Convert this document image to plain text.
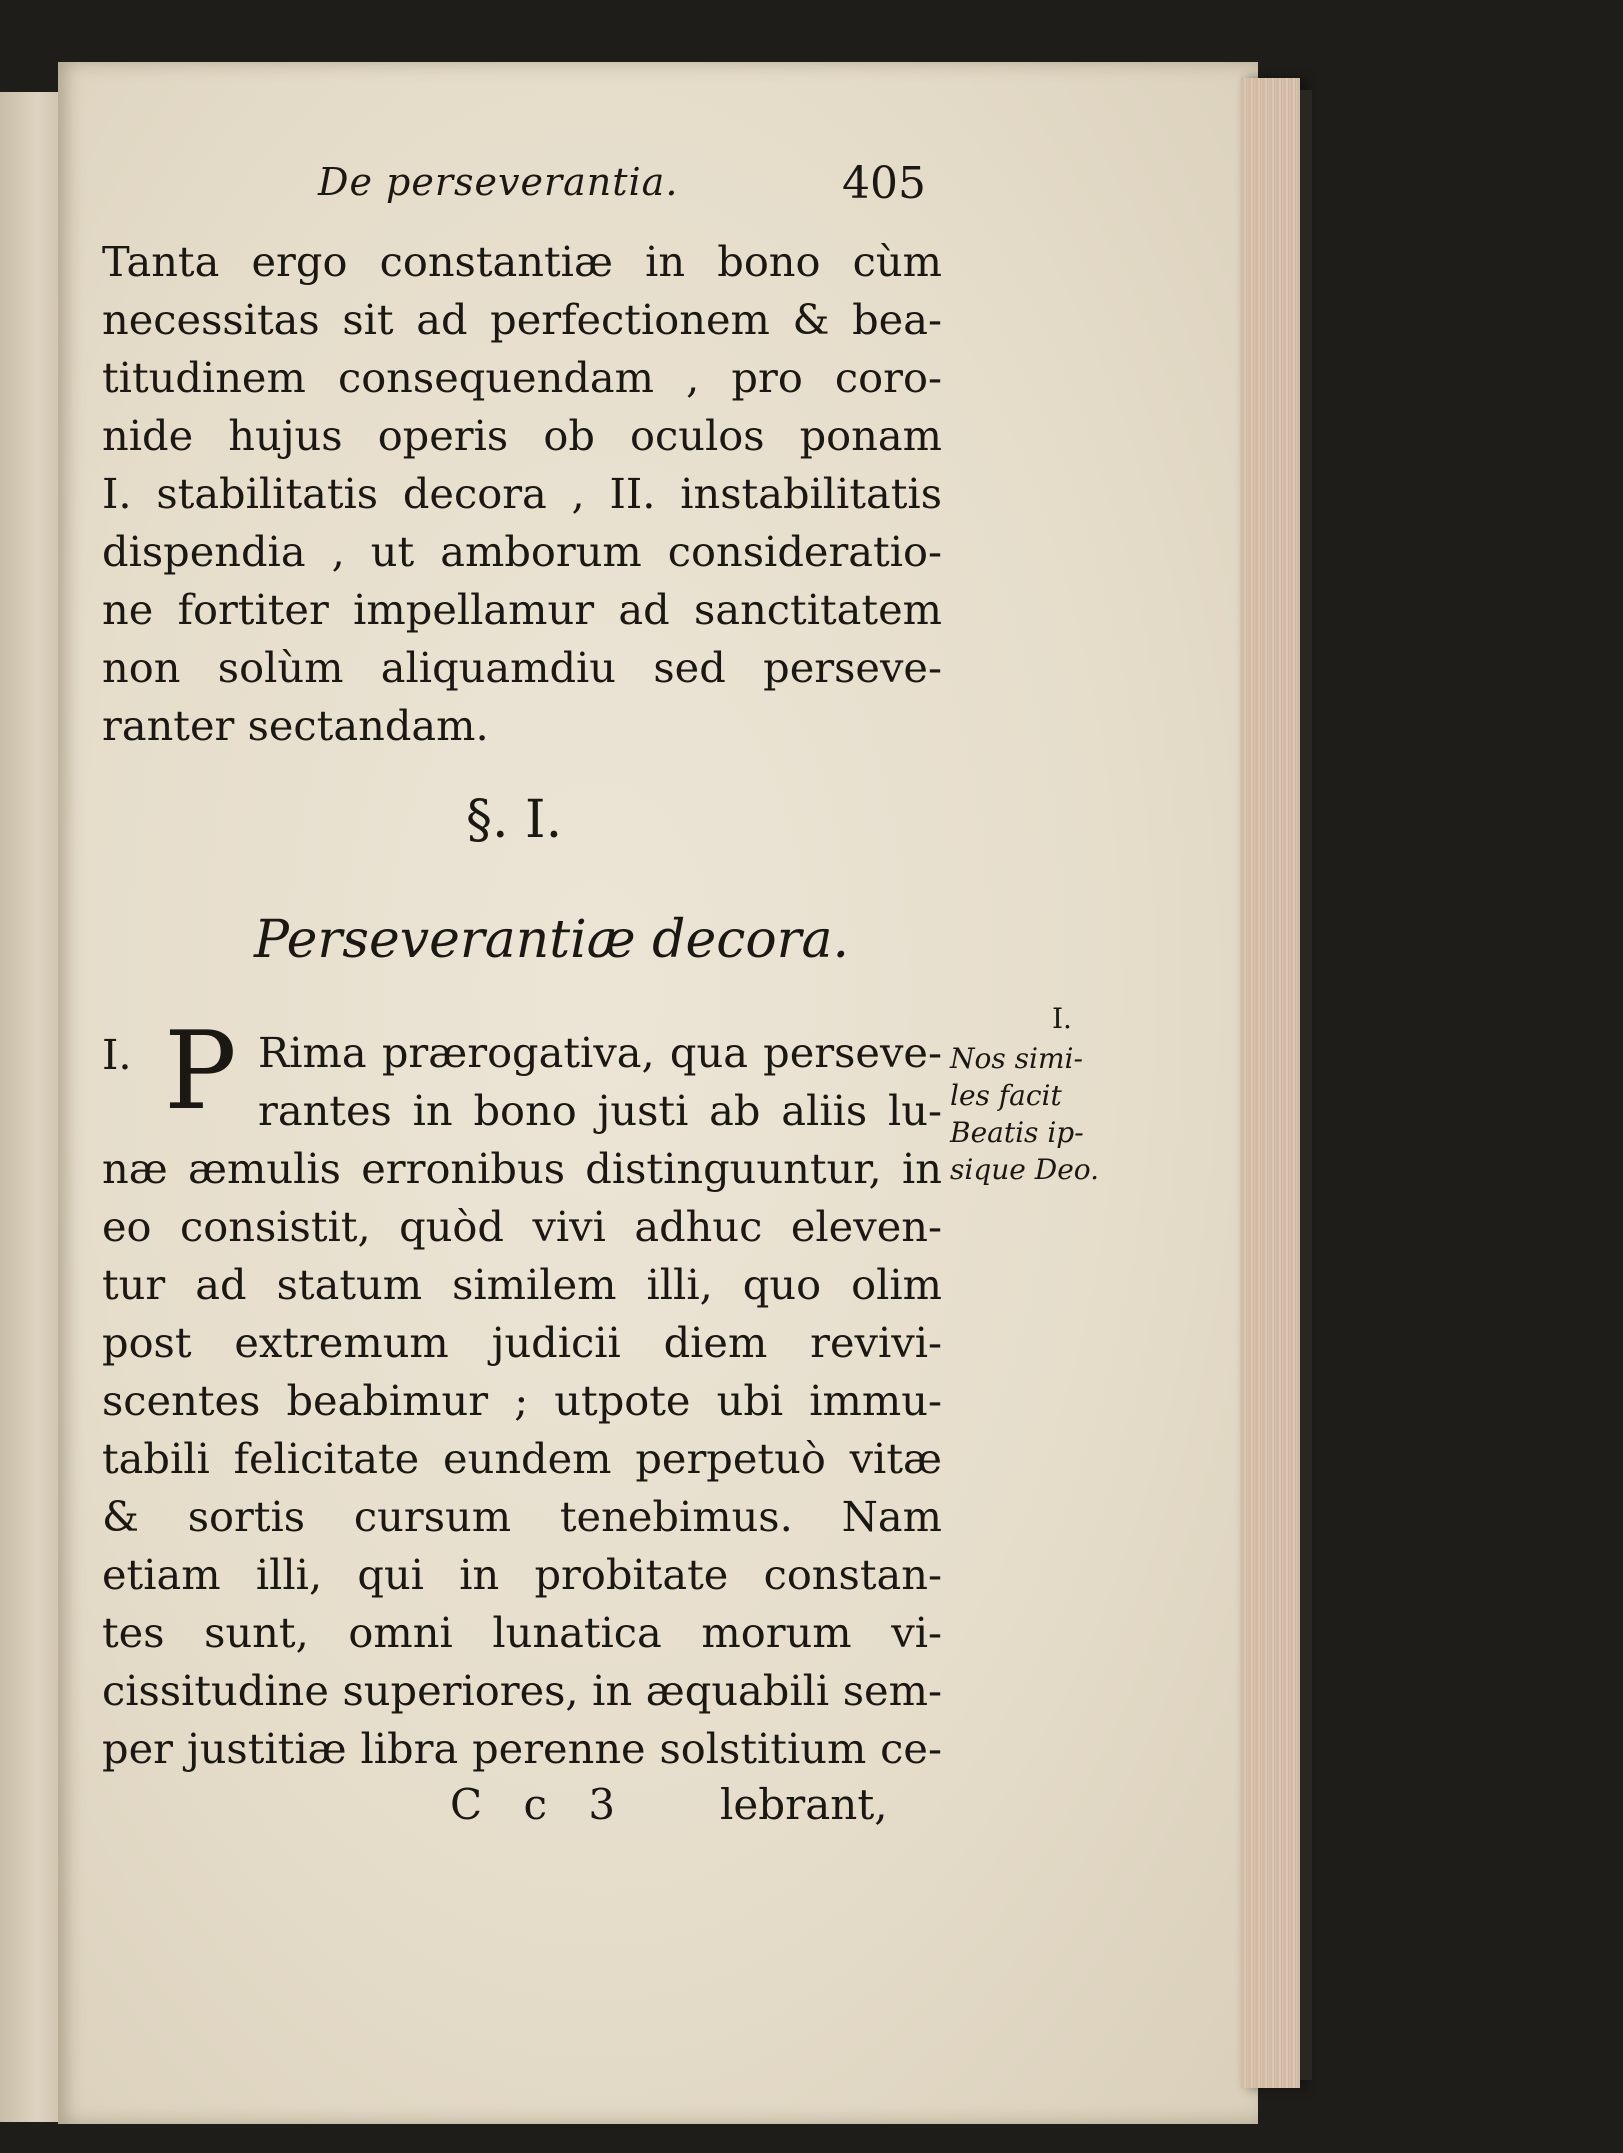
De perseverantia.	405
Tanta ergo constantiæ in bono cùm
necessitas sit ad perfectionem & bea-
titudinem consequendam , pro coro-
nide hujus operis ob oculos ponam
I. stabilitatis decora , II. instabilitatis
dispendia , ut amborum consideratio-
ne fortiter impellamur ad sanctitatem
non solùm aliquamdiu sed perseve-
ranter sectandam.
§. I.
Perseverantiæ decora.
I. P Rima prærogativa, qua perseve-
rantes in bono justi ab aliis lu-
næ æmulis erronibus distinguuntur, in
eo consistit, quòd vivi adhuc eleven-
tur ad statum similem illi, quo olim
post extremum judicii diem revivi-
scentes beabimur ; utpote ubi immu-
tabili felicitate eundem perpetuò vitæ
& sortis cursum tenebimus. Nam
etiam illi, qui in probitate constan-
tes sunt, omni lunatica morum vi-
cissitudine superiores, in æquabili sem-
per justitiæ libra perenne solstitium ce-
I.
Nos simi-
les facit
Beatis ip-
sique Deo.
C c 3 lebrant,
